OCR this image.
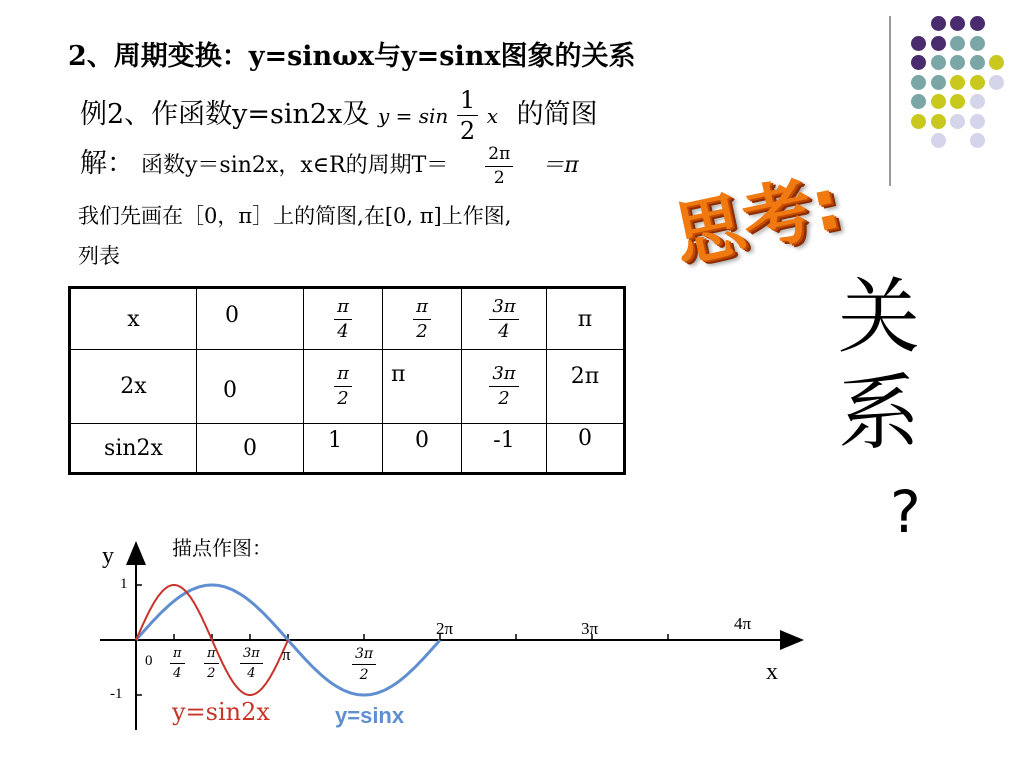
2、周期变换：y=sinωx与y=sinx图象的关系
例2、作函数y=sin2x及 $y = \sin \frac{1}{2}$ x 的简图
解： 函数y＝sin2x，x∈R的周期$T= \frac{2\pi}{2} =\pi$
我们先画在［0，π］上的简图,在[0, π]上作图,
列表
x	0	$\frac{\pi}{4}$	$\frac{\pi}{2}$	$\frac{3\pi}{4}$	π
2x	0	$\frac{\pi}{2}$	π	$\frac{3\pi}{2}$	2π
sin2x	0	1	0	-1	0
思考:
关
系
?
描点作图：
y
x
1
-1
0
2π	3π	4π
π
$\frac{\pi}{4} \frac{\pi}{2} \frac{3\pi}{4}$	$\frac{3\pi}{2}$
y=sin2x	y=sinx
